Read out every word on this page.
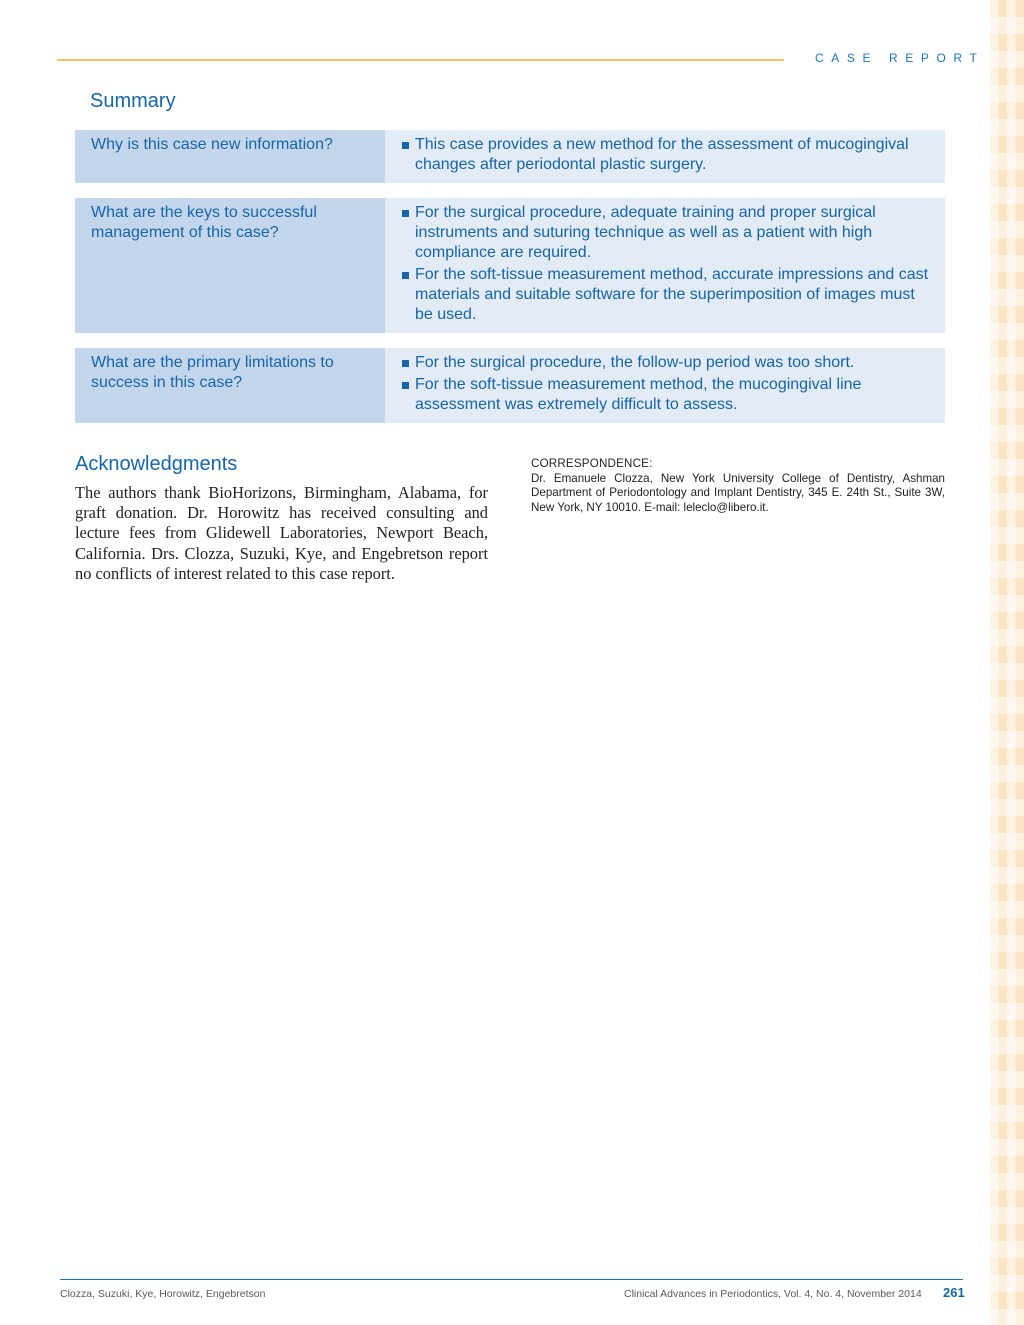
CASE REPORT
Summary
Why is this case new information?	This case provides a new method for the assessment of mucogingival changes after periodontal plastic surgery.
What are the keys to successful management of this case?
For the surgical procedure, adequate training and proper surgical instruments and suturing technique as well as a patient with high compliance are required.
For the soft-tissue measurement method, accurate impressions and cast materials and suitable software for the superimposition of images must be used.
What are the primary limitations to success in this case?
For the surgical procedure, the follow-up period was too short.
For the soft-tissue measurement method, the mucogingival line assessment was extremely difficult to assess.
Acknowledgments

The authors thank BioHorizons, Birmingham, Alabama, for graft donation. Dr. Horowitz has received consulting and lecture fees from Glidewell Laboratories, Newport Beach, California. Drs. Clozza, Suzuki, Kye, and Engebretson report no conflicts of interest related to this case report.

CORRESPONDENCE:

Dr. Emanuele Clozza, New York University College of Dentistry, Ashman Department of Periodontology and Implant Dentistry, 345 E. 24th St., Suite 3W, New York, NY 10010. E-mail: leleclo@libero.it.

Clozza, Suzuki, Kye, Horowitz, Engebretson	Clinical Advances in Periodontics, Vol. 4, No. 4, November 2014 261
